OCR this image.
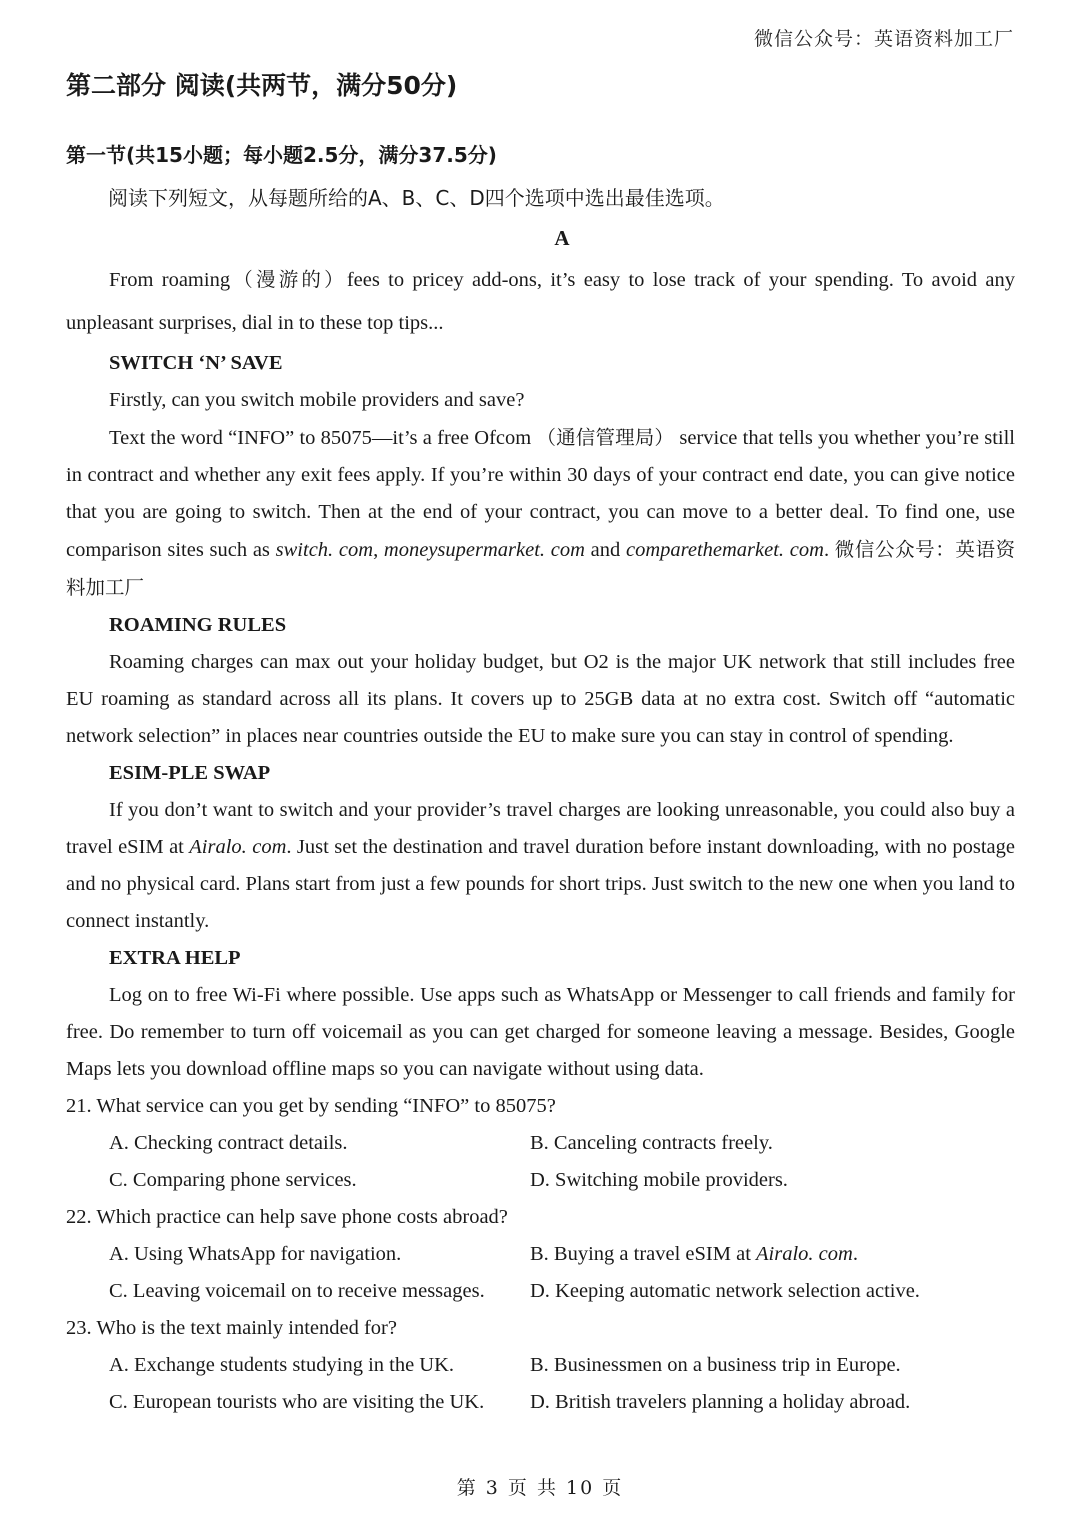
微信公众号：英语资料加工厂
第二部分 阅读(共两节，满分50分)
第一节(共15小题；每小题2.5分，满分37.5分)
阅读下列短文，从每题所给的A、B、C、D四个选项中选出最佳选项。
A

From roaming（漫游的）fees to pricey add-ons, it’s easy to lose track of your spending. To avoid any unpleasant surprises, dial in to these top tips...

SWITCH ‘N’ SAVE

Firstly, can you switch mobile providers and save?

Text the word “INFO” to 85075—it’s a free Ofcom （通信管理局） service that tells you whether you’re still in contract and whether any exit fees apply. If you’re within 30 days of your contract end date, you can give notice that you are going to switch. Then at the end of your contract, you can move to a better deal. To find one, use comparison sites such as switch. com, moneysupermarket. com and comparethemarket. com. 微信公众号：英语资料加工厂

ROAMING RULES

Roaming charges can max out your holiday budget, but O2 is the major UK network that still includes free EU roaming as standard across all its plans. It covers up to 25GB data at no extra cost. Switch off “automatic network selection” in places near countries outside the EU to make sure you can stay in control of spending.

ESIM-PLE SWAP

If you don’t want to switch and your provider’s travel charges are looking unreasonable, you could also buy a travel eSIM at Airalo. com. Just set the destination and travel duration before instant downloading, with no postage and no physical card. Plans start from just a few pounds for short trips. Just switch to the new one when you land to connect instantly.

EXTRA HELP

Log on to free Wi-Fi where possible. Use apps such as WhatsApp or Messenger to call friends and family for free. Do remember to turn off voicemail as you can get charged for someone leaving a message. Besides, Google Maps lets you download offline maps so you can navigate without using data.

21. What service can you get by sending “INFO” to 85075?

A. Checking contract details.	B. Canceling contracts freely.
C. Comparing phone services.	D. Switching mobile providers.

22. Which practice can help save phone costs abroad?

A. Using WhatsApp for navigation.	B. Buying a travel eSIM at Airalo. com.
C. Leaving voicemail on to receive messages.	D. Keeping automatic network selection active.

23. Who is the text mainly intended for?

A. Exchange students studying in the UK.	B. Businessmen on a business trip in Europe.
C. European tourists who are visiting the UK.	D. British travelers planning a holiday abroad.
第 3 页 共 10 页
